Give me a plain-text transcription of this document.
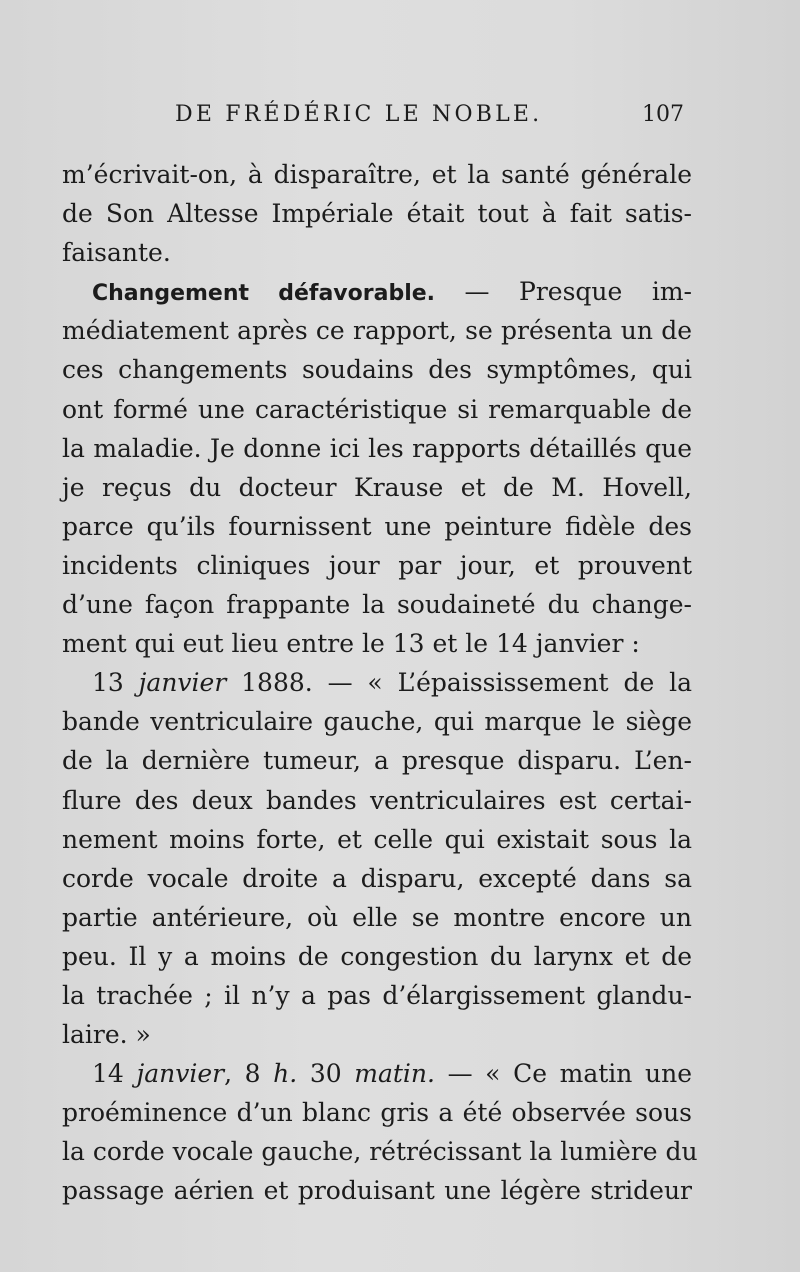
DE FRÉDÉRIC LE NOBLE.	107
m’écrivait-on, à disparaître, et la santé générale
de Son Altesse Impériale était tout à fait satis-
faisante.
Changement défavorable. — Presque im-
médiatement après ce rapport, se présenta un de
ces changements soudains des symptômes, qui
ont formé une caractéristique si remarquable de
la maladie. Je donne ici les rapports détaillés que
je reçus du docteur Krause et de M. Hovell,
parce qu’ils fournissent une peinture fidèle des
incidents cliniques jour par jour, et prouvent
d’une façon frappante la soudaineté du change-
ment qui eut lieu entre le 13 et le 14 janvier :
13 janvier 1888. — « L’épaississement de la
bande ventriculaire gauche, qui marque le siège
de la dernière tumeur, a presque disparu. L’en-
flure des deux bandes ventriculaires est certai-
nement moins forte, et celle qui existait sous la
corde vocale droite a disparu, excepté dans sa
partie antérieure, où elle se montre encore un
peu. Il y a moins de congestion du larynx et de
la trachée ; il n’y a pas d’élargissement glandu-
laire. »
14 janvier, 8 h. 30 matin. — « Ce matin une
proéminence d’un blanc gris a été observée sous
la corde vocale gauche, rétrécissant la lumière du
passage aérien et produisant une légère strideur
